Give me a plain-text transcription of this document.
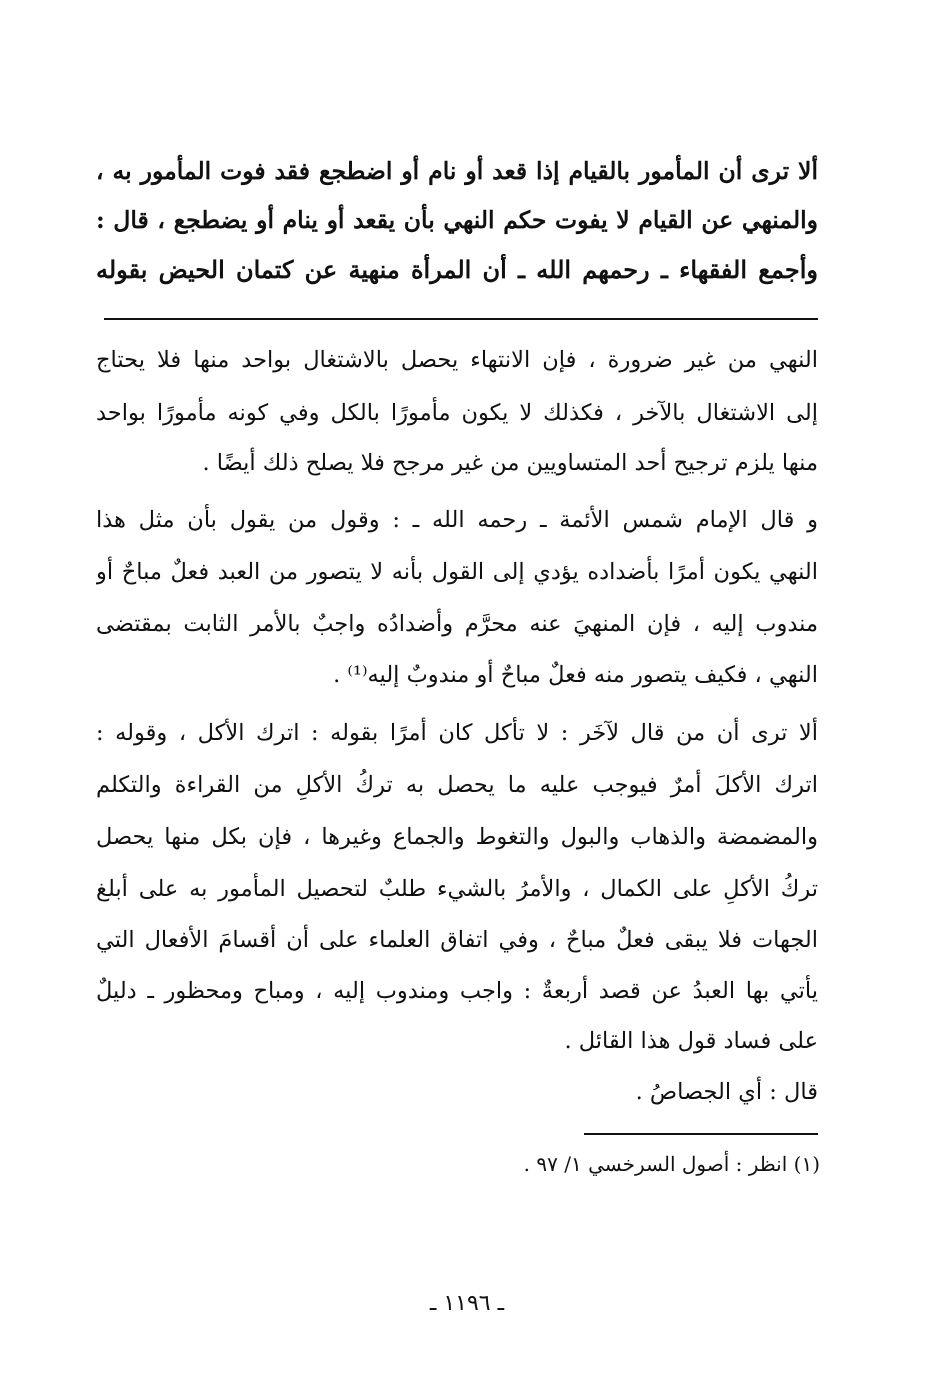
ألا ترى أن المأمور بالقيام إذا قعد أو نام أو اضطجع فقد فوت المأمور به ،
والمنهي عن القيام لا يفوت حكم النهي بأن يقعد أو ينام أو يضطجع ، قال :
وأجمع الفقهاء ـ رحمهم الله ـ أن المرأة منهية عن كتمان الحيض بقوله
النهي من غير ضرورة ، فإن الانتهاء يحصل بالاشتغال بواحد منها فلا يحتاج
إلى الاشتغال بالآخر ، فكذلك لا يكون مأمورًا بالكل وفي كونه مأمورًا بواحد
منها يلزم ترجيح أحد المتساويين من غير مرجح فلا يصلح ذلك أيضًا .
و قال الإمام شمس الأئمة ـ رحمه الله ـ : وقول من يقول بأن مثل هذا
النهي يكون أمرًا بأضداده يؤدي إلى القول بأنه لا يتصور من العبد فعلٌ مباحٌ أو
مندوب إليه ، فإن المنهيَ عنه محرَّم وأضدادُه واجبٌ بالأمر الثابت بمقتضى
النهي ، فكيف يتصور منه فعلٌ مباحٌ أو مندوبٌ إليه⁽¹⁾ .
ألا ترى أن من قال لآخَر : لا تأكل كان أمرًا بقوله : اترك الأكل ، وقوله :
اترك الأكلَ أمرٌ فيوجب عليه ما يحصل به تركُ الأكلِ من القراءة والتكلم
والمضمضة والذهاب والبول والتغوط والجماع وغيرها ، فإن بكل منها يحصل
تركُ الأكلِ على الكمال ، والأمرُ بالشيء طلبٌ لتحصيل المأمور به على أبلغ
الجهات فلا يبقى فعلٌ مباحٌ ، وفي اتفاق العلماء على أن أقسامَ الأفعال التي
يأتي بها العبدُ عن قصد أربعةٌ : واجب ومندوب إليه ، ومباح ومحظور ـ دليلٌ
على فساد قول هذا القائل .
قال : أي الجصاصُ .
(١) انظر : أصول السرخسي ١/ ٩٧ .
ـ ١١٩٦ ـ
